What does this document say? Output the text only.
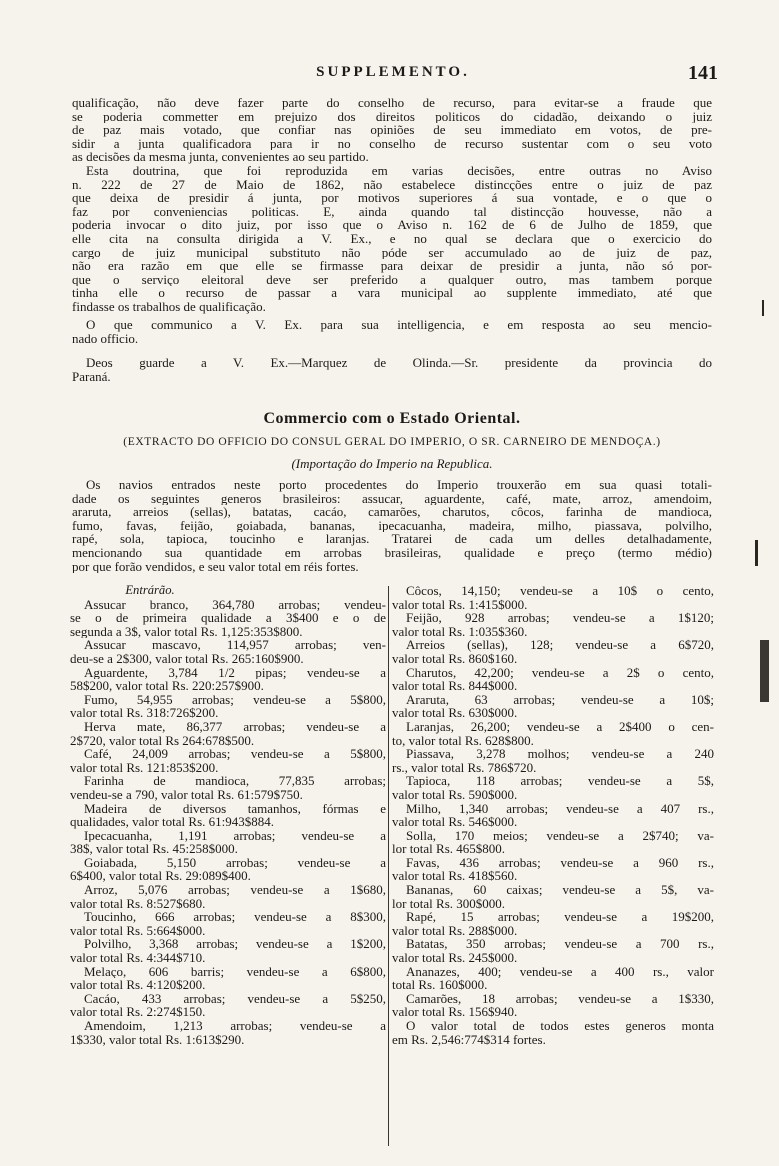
SUPPLEMENTO.	141
qualificação, não deve fazer parte do conselho de recurso, para evitar-se a fraude que
se poderia commetter em prejuizo dos direitos politicos do cidadão, deixando o juiz
de paz mais votado, que confiar nas opiniões de seu immediato em votos, de pre-
sidir a junta qualificadora para ir no conselho de recurso sustentar com o seu voto
as decisões da mesma junta, convenientes ao seu partido.
Esta doutrina, que foi reproduzida em varias decisões, entre outras no Aviso
n. 222 de 27 de Maio de 1862, não estabelece distincções entre o juiz de paz
que deixa de presidir á junta, por motivos superiores á sua vontade, e o que o
faz por conveniencias politicas. E, ainda quando tal distincção houvesse, não a
poderia invocar o dito juiz, por isso que o Aviso n. 162 de 6 de Julho de 1859, que
elle cita na consulta dirigida a V. Ex., e no qual se declara que o exercicio do
cargo de juiz municipal substituto não póde ser accumulado ao de juiz de paz,
não era razão em que elle se firmasse para deixar de presidir a junta, não só por-
que o serviço eleitoral deve ser preferido a qualquer outro, mas tambem porque
tinha elle o recurso de passar a vara municipal ao supplente immediato, até que
findasse os trabalhos de qualificação.
O que communico a V. Ex. para sua intelligencia, e em resposta ao seu mencio-
nado officio.
Deos guarde a V. Ex.—Marquez de Olinda.—Sr. presidente da provincia do
Paraná.
Commercio com o Estado Oriental.
(EXTRACTO DO OFFICIO DO CONSUL GERAL DO IMPERIO, O SR. CARNEIRO DE MENDOÇA.)
(Importação do Imperio na Republica.
Os navios entrados neste porto procedentes do Imperio trouxerão em sua quasi totali-
dade os seguintes generos brasileiros: assucar, aguardente, café, mate, arroz, amendoim,
araruta, arreios (sellas), batatas, cacáo, camarões, charutos, côcos, farinha de mandioca,
fumo, favas, feijão, goiabada, bananas, ipecacuanha, madeira, milho, piassava, polvilho,
rapé, sola, tapioca, toucinho e laranjas. Tratarei de cada um delles detalhadamente,
mencionando sua quantidade em arrobas brasileiras, qualidade e preço (termo médio)
por que forão vendidos, e seu valor total em réis fortes.
Entrárão.
Assucar branco, 364,780 arrobas; vendeu-
se o de primeira qualidade a 3$400 e o de
segunda a 3$, valor total Rs. 1,125:353$800.
Assucar mascavo, 114,957 arrobas; ven-
deu-se a 2$300, valor total Rs. 265:160$900.
Aguardente, 3,784 1/2 pipas; vendeu-se a
58$200, valor total Rs. 220:257$900.
Fumo, 54,955 arrobas; vendeu-se a 5$800,
valor total Rs. 318:726$200.
Herva mate, 86,377 arrobas; vendeu-se a
2$720, valor total Rs 264:678$500.
Café, 24,009 arrobas; vendeu-se a 5$800,
valor total Rs. 121:853$200.
Farinha de mandioca, 77,835 arrobas;
vendeu-se a 790, valor total Rs. 61:579$750.
Madeira de diversos tamanhos, fórmas e
qualidades, valor total Rs. 61:943$884.
Ipecacuanha, 1,191 arrobas; vendeu-se a
38$, valor total Rs. 45:258$000.
Goiabada, 5,150 arrobas; vendeu-se a
6$400, valor total Rs. 29:089$400.
Arroz, 5,076 arrobas; vendeu-se a 1$680,
valor total Rs. 8:527$680.
Toucinho, 666 arrobas; vendeu-se a 8$300,
valor total Rs. 5:664$000.
Polvilho, 3,368 arrobas; vendeu-se a 1$200,
valor total Rs. 4:344$710.
Melaço, 606 barris; vendeu-se a 6$800,
valor total Rs. 4:120$200.
Cacáo, 433 arrobas; vendeu-se a 5$250,
valor total Rs. 2:274$150.
Amendoim, 1,213 arrobas; vendeu-se a
1$330, valor total Rs. 1:613$290.
Côcos, 14,150; vendeu-se a 10$ o cento,
valor total Rs. 1:415$000.
Feijão, 928 arrobas; vendeu-se a 1$120;
valor total Rs. 1:035$360.
Arreios (sellas), 128; vendeu-se a 6$720,
valor total Rs. 860$160.
Charutos, 42,200; vendeu-se a 2$ o cento,
valor total Rs. 844$000.
Araruta, 63 arrobas; vendeu-se a 10$;
valor total Rs. 630$000.
Laranjas, 26,200; vendeu-se a 2$400 o cen-
to, valor total Rs. 628$800.
Piassava, 3,278 molhos; vendeu-se a 240
rs., valor total Rs. 786$720.
Tapioca, 118 arrobas; vendeu-se a 5$,
valor total Rs. 590$000.
Milho, 1,340 arrobas; vendeu-se a 407 rs.,
valor total Rs. 546$000.
Solla, 170 meios; vendeu-se a 2$740; va-
lor total Rs. 465$800.
Favas, 436 arrobas; vendeu-se a 960 rs.,
valor total Rs. 418$560.
Bananas, 60 caixas; vendeu-se a 5$, va-
lor total Rs. 300$000.
Rapé, 15 arrobas; vendeu-se a 19$200,
valor total Rs. 288$000.
Batatas, 350 arrobas; vendeu-se a 700 rs.,
valor total Rs. 245$000.
Ananazes, 400; vendeu-se a 400 rs., valor
total Rs. 160$000.
Camarões, 18 arrobas; vendeu-se a 1$330,
valor total Rs. 156$940.
O valor total de todos estes generos monta
em Rs. 2,546:774$314 fortes.
